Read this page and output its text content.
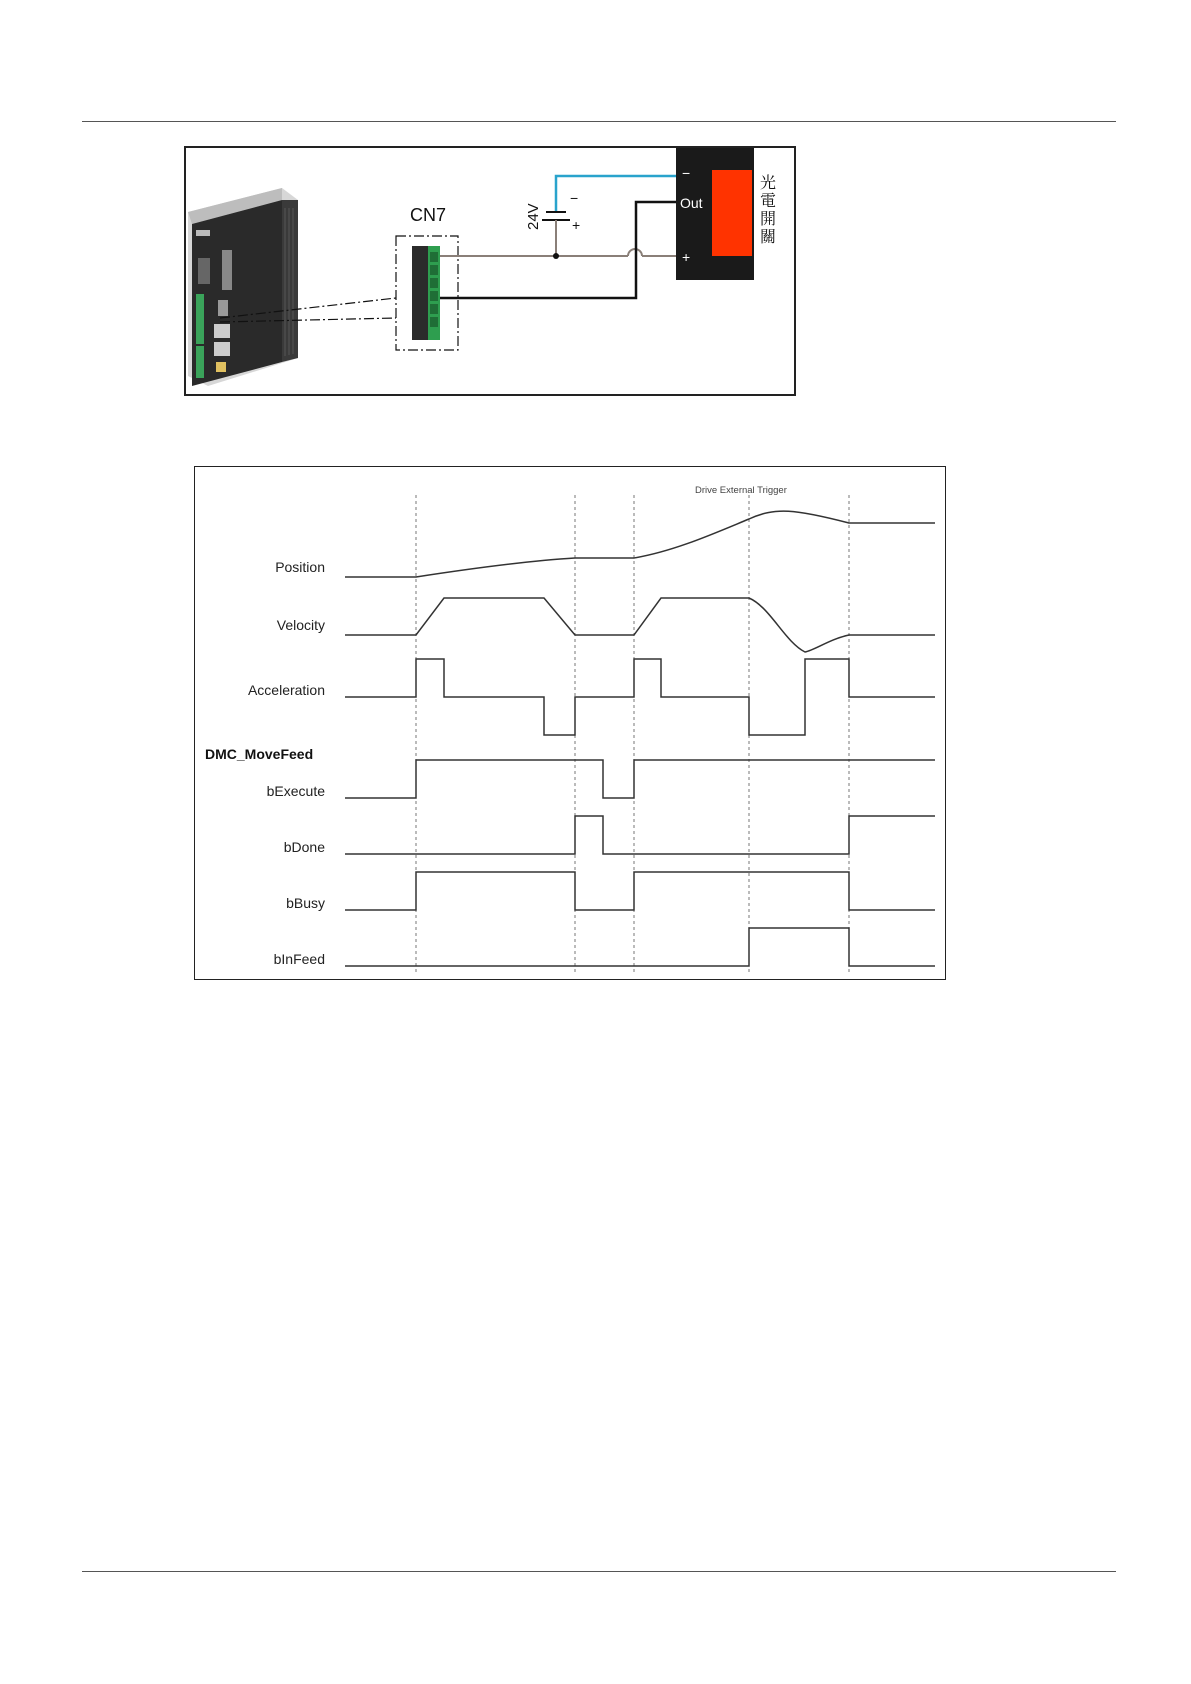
CN7	24V
−
+
−
Out
+
光
電
開
關
Drive External Trigger
Position
Velocity
Acceleration
DMC_MoveFeed
bExecute
bDone
bBusy
bInFeed
